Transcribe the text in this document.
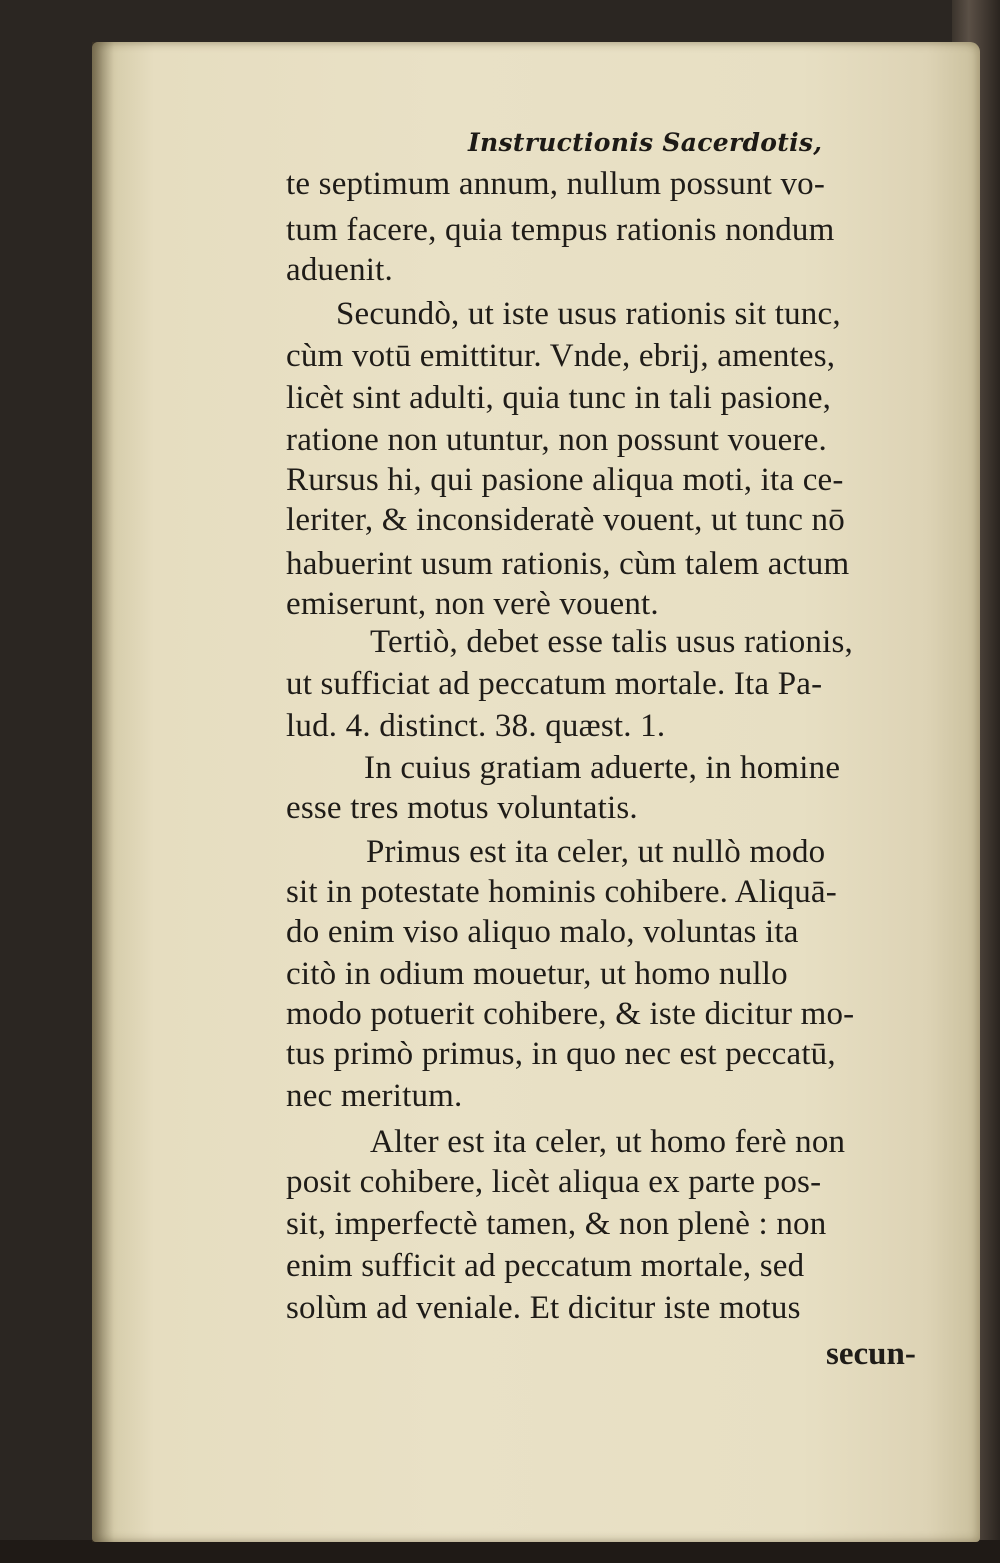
Instructionis Sacerdotis,
te septimum annum, nullum possunt vo-
tum facere, quia tempus rationis nondum
aduenit.
Secundò, ut iste usus rationis sit tunc,
cùm votū emittitur. Vnde, ebrij, amentes,
licèt sint adulti, quia tunc in tali pasione,
ratione non utuntur, non possunt vouere.
Rursus hi, qui pasione aliqua moti, ita ce-
leriter, & inconsideratè vouent, ut tunc nō
habuerint usum rationis, cùm talem actum
emiserunt, non verè vouent.
Tertiò, debet esse talis usus rationis,
ut sufficiat ad peccatum mortale. Ita Pa-
lud. 4. distinct. 38. quæst. 1.
In cuius gratiam aduerte, in homine
esse tres motus voluntatis.
Primus est ita celer, ut nullò modo
sit in potestate hominis cohibere. Aliquā-
do enim viso aliquo malo, voluntas ita
citò in odium mouetur, ut homo nullo
modo potuerit cohibere, & iste dicitur mo-
tus primò primus, in quo nec est peccatū,
nec meritum.
Alter est ita celer, ut homo ferè non
posit cohibere, licèt aliqua ex parte pos-
sit, imperfectè tamen, & non plenè : non
enim sufficit ad peccatum mortale, sed
solùm ad veniale. Et dicitur iste motus
secun-
